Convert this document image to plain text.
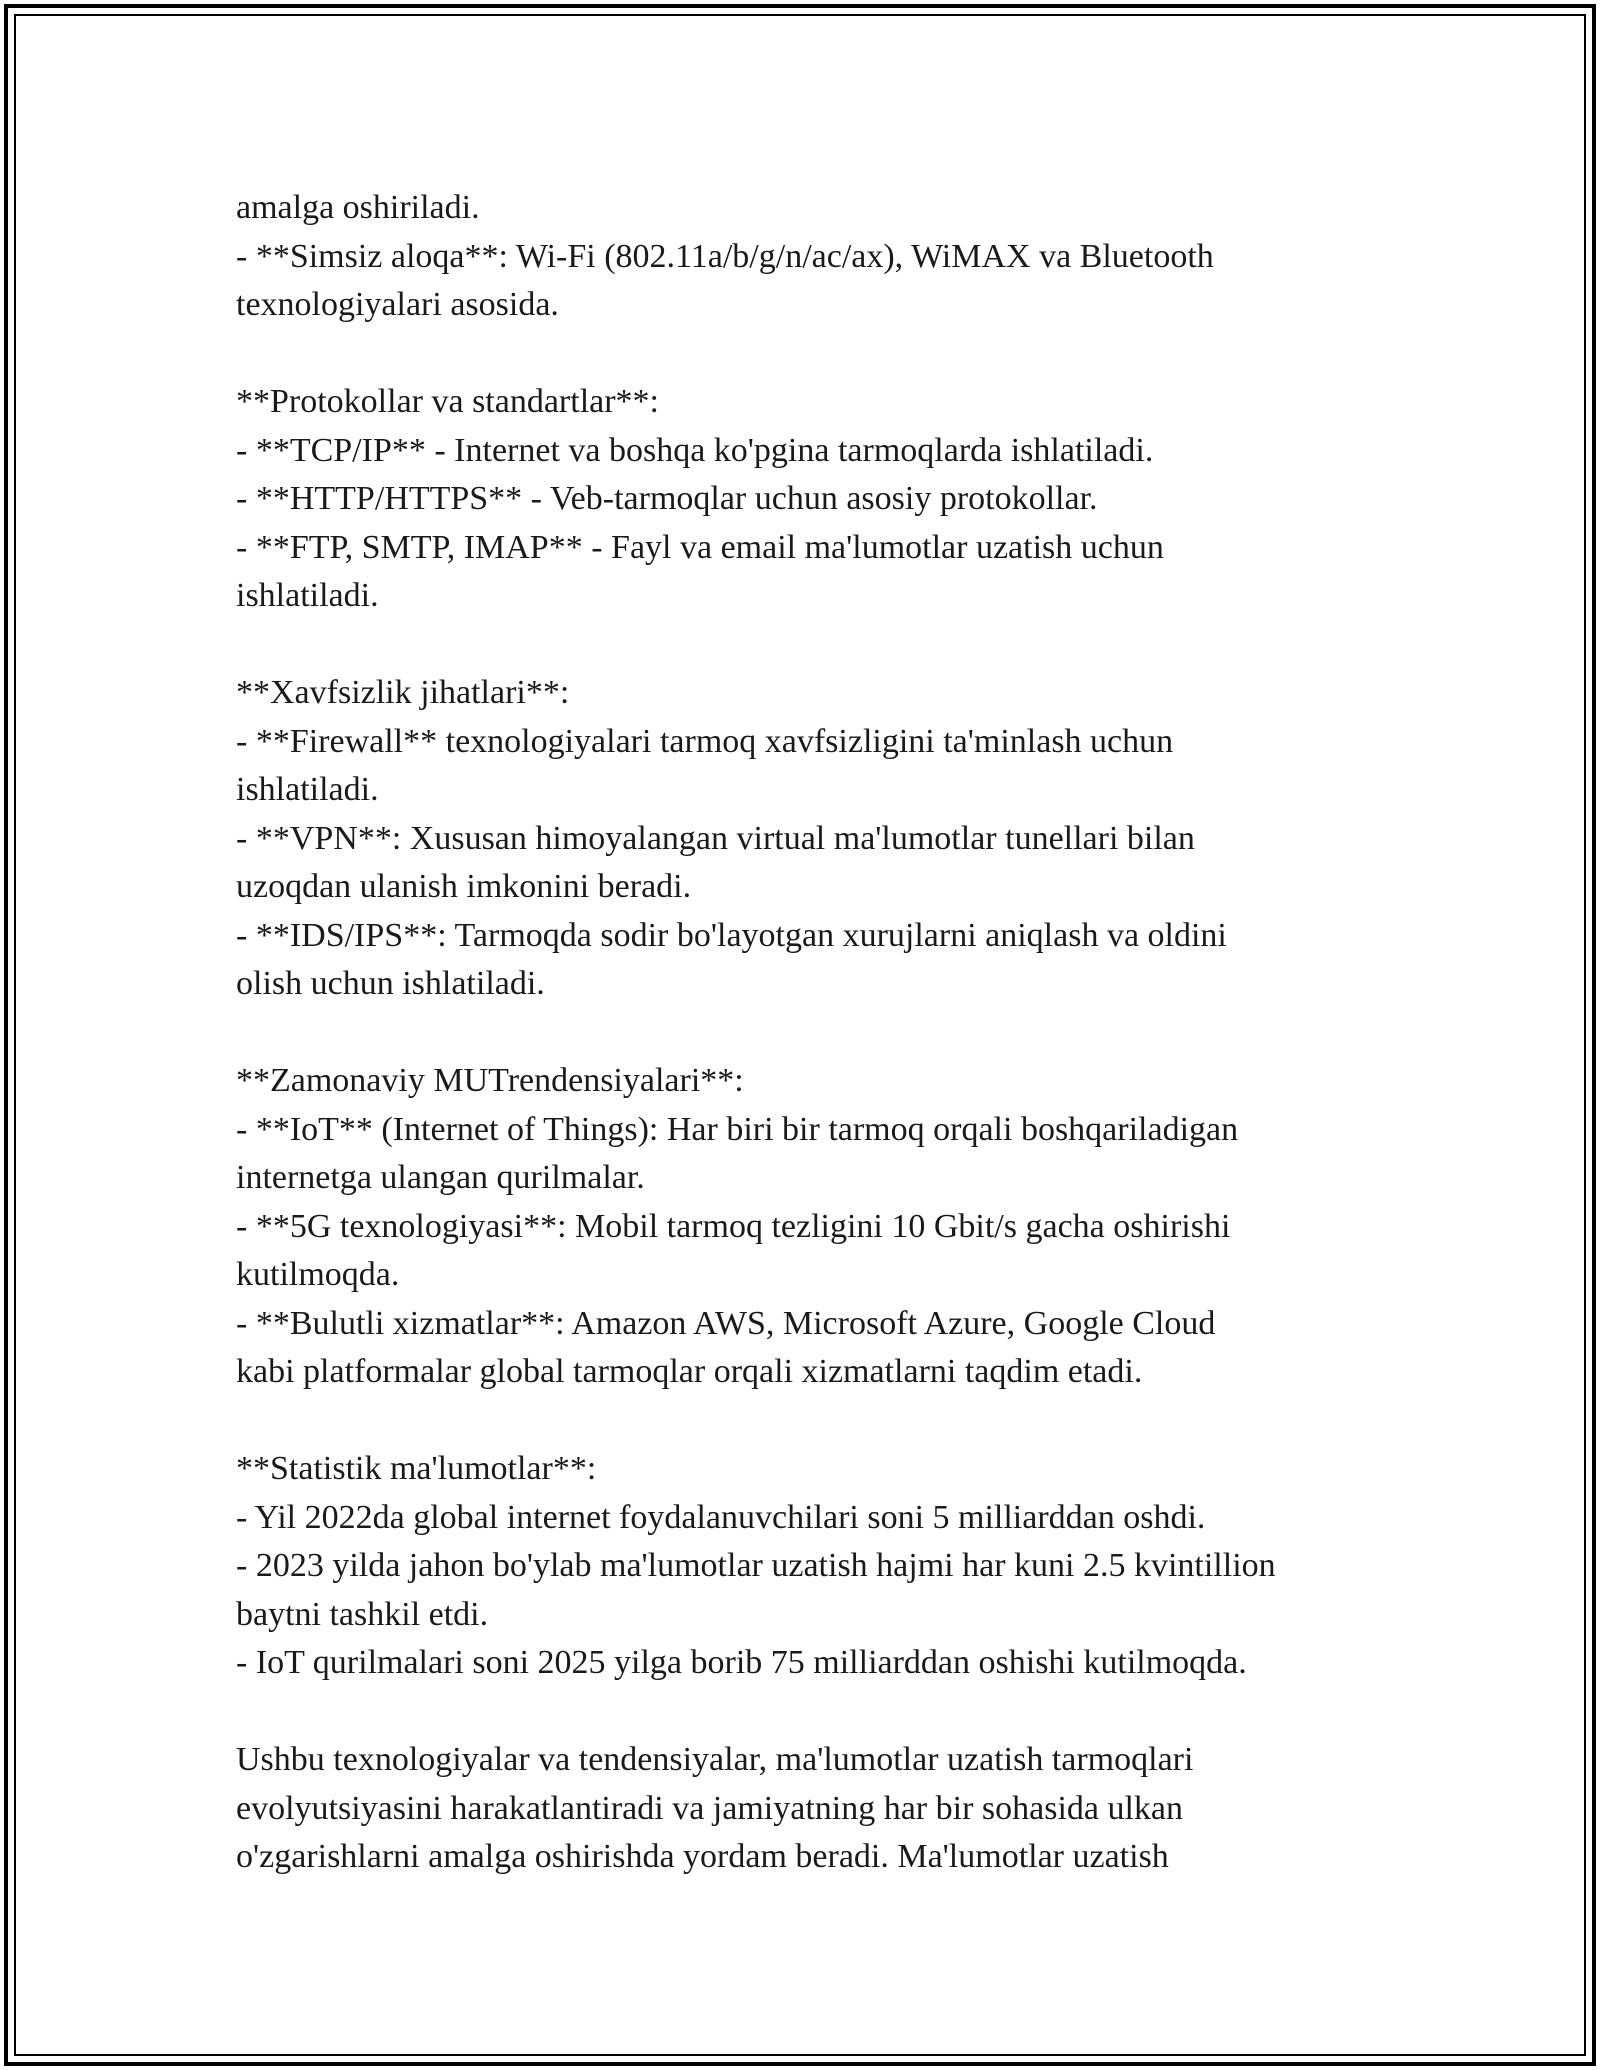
amalga oshiriladi.
- **Simsiz aloqa**: Wi-Fi (802.11a/b/g/n/ac/ax), WiMAX va Bluetooth
texnologiyalari asosida.
**Protokollar va standartlar**:
- **TCP/IP** - Internet va boshqa ko'pgina tarmoqlarda ishlatiladi.
- **HTTP/HTTPS** - Veb-tarmoqlar uchun asosiy protokollar.
- **FTP, SMTP, IMAP** - Fayl va email ma'lumotlar uzatish uchun
ishlatiladi.
**Xavfsizlik jihatlari**:
- **Firewall** texnologiyalari tarmoq xavfsizligini ta'minlash uchun
ishlatiladi.
- **VPN**: Xususan himoyalangan virtual ma'lumotlar tunellari bilan
uzoqdan ulanish imkonini beradi.
- **IDS/IPS**: Tarmoqda sodir bo'layotgan xurujlarni aniqlash va oldini
olish uchun ishlatiladi.
**Zamonaviy MUTrendensiyalari**:
- **IoT** (Internet of Things): Har biri bir tarmoq orqali boshqariladigan
internetga ulangan qurilmalar.
- **5G texnologiyasi**: Mobil tarmoq tezligini 10 Gbit/s gacha oshirishi
kutilmoqda.
- **Bulutli xizmatlar**: Amazon AWS, Microsoft Azure, Google Cloud
kabi platformalar global tarmoqlar orqali xizmatlarni taqdim etadi.
**Statistik ma'lumotlar**:
- Yil 2022da global internet foydalanuvchilari soni 5 milliarddan oshdi.
- 2023 yilda jahon bo'ylab ma'lumotlar uzatish hajmi har kuni 2.5 kvintillion
baytni tashkil etdi.
- IoT qurilmalari soni 2025 yilga borib 75 milliarddan oshishi kutilmoqda.
Ushbu texnologiyalar va tendensiyalar, ma'lumotlar uzatish tarmoqlari
evolyutsiyasini harakatlantiradi va jamiyatning har bir sohasida ulkan
o'zgarishlarni amalga oshirishda yordam beradi. Ma'lumotlar uzatish
